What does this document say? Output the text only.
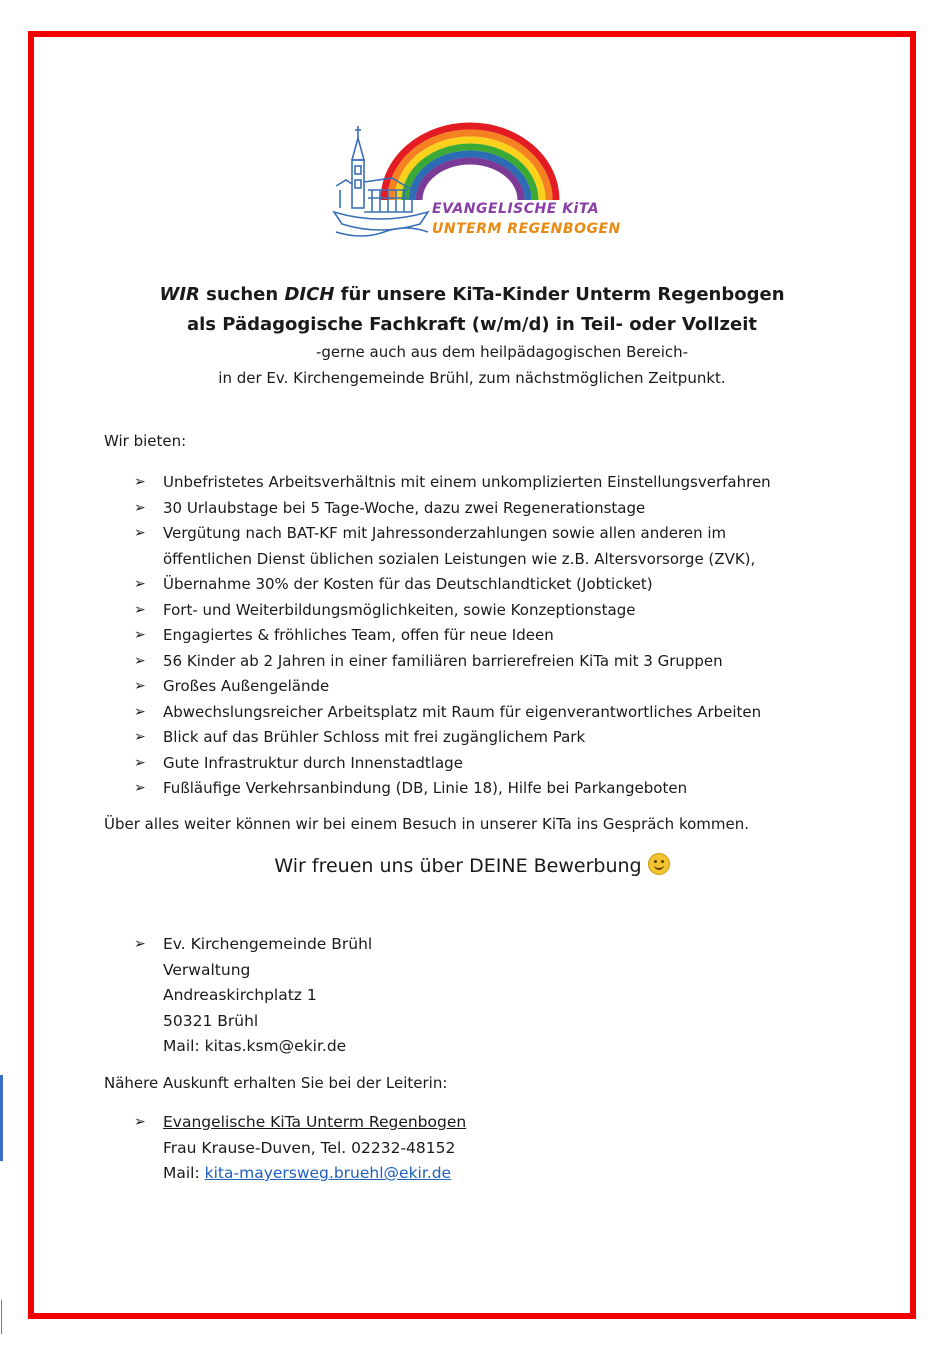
EVANGELISCHE KiTA
UNTERM REGENBOGEN
WIR suchen DICH für unsere KiTa-Kinder Unterm Regenbogen
als Pädagogische Fachkraft (w/m/d) in Teil- oder Vollzeit
-gerne auch aus dem heilpädagogischen Bereich-
in der Ev. Kirchengemeinde Brühl, zum nächstmöglichen Zeitpunkt.
Wir bieten:
➢ Unbefristetes Arbeitsverhältnis mit einem unkomplizierten Einstellungsverfahren
➢ 30 Urlaubstage bei 5 Tage-Woche, dazu zwei Regenerationstage
➢ Vergütung nach BAT-KF mit Jahressonderzahlungen sowie allen anderen im
öffentlichen Dienst üblichen sozialen Leistungen wie z.B. Altersvorsorge (ZVK),
➢ Übernahme 30% der Kosten für das Deutschlandticket (Jobticket)
➢ Fort- und Weiterbildungsmöglichkeiten, sowie Konzeptionstage
➢ Engagiertes & fröhliches Team, offen für neue Ideen
➢ 56 Kinder ab 2 Jahren in einer familiären barrierefreien KiTa mit 3 Gruppen
➢ Großes Außengelände
➢ Abwechslungsreicher Arbeitsplatz mit Raum für eigenverantwortliches Arbeiten
➢ Blick auf das Brühler Schloss mit frei zugänglichem Park
➢ Gute Infrastruktur durch Innenstadtlage
➢ Fußläufige Verkehrsanbindung (DB, Linie 18), Hilfe bei Parkangeboten
Über alles weiter können wir bei einem Besuch in unserer KiTa ins Gespräch kommen.
Wir freuen uns über DEINE Bewerbung
➢ Ev. Kirchengemeinde Brühl
Verwaltung
Andreaskirchplatz 1
50321 Brühl
Mail: kitas.ksm@ekir.de
Nähere Auskunft erhalten Sie bei der Leiterin:
➢ Evangelische KiTa Unterm Regenbogen
Frau Krause-Duven, Tel. 02232-48152
Mail: kita-mayersweg.bruehl@ekir.de
